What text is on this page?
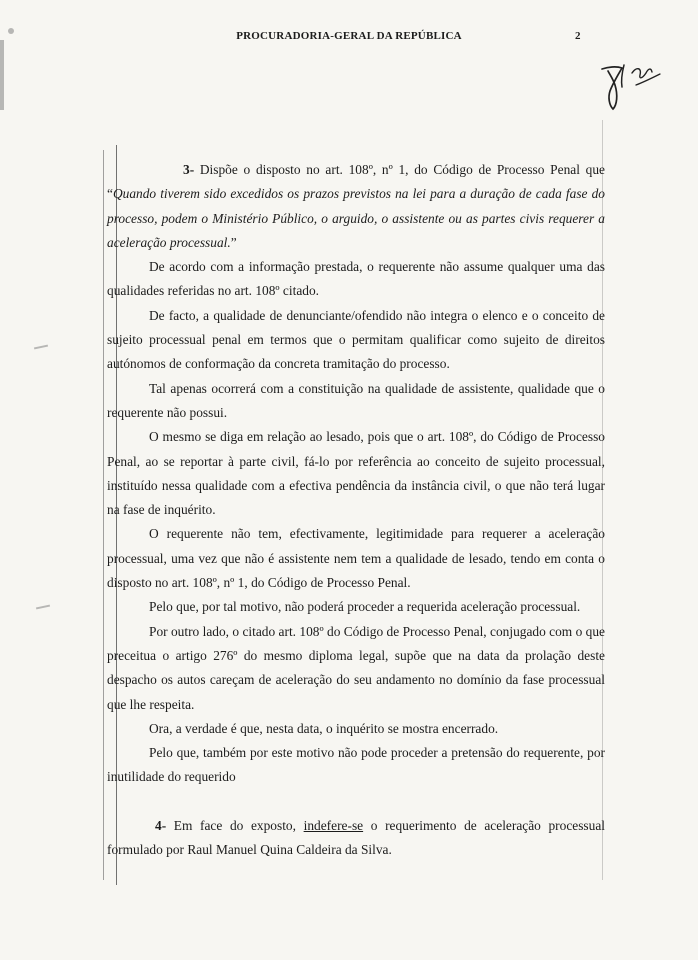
PROCURADORIA-GERAL DA REPÚBLICA	2

3- Dispõe o disposto no art. 108º, nº 1, do Código de Processo Penal que “Quando tiverem sido excedidos os prazos previstos na lei para a duração de cada fase do processo, podem o Ministério Público, o arguido, o assistente ou as partes civis requerer a aceleração processual.”

De acordo com a informação prestada, o requerente não assume qualquer uma das qualidades referidas no art. 108º citado.

De facto, a qualidade de denunciante/ofendido não integra o elenco e o conceito de sujeito processual penal em termos que o permitam qualificar como sujeito de direitos autónomos de conformação da concreta tramitação do processo.

Tal apenas ocorrerá com a constituição na qualidade de assistente, qualidade que o requerente não possui.

O mesmo se diga em relação ao lesado, pois que o art. 108º, do Código de Processo Penal, ao se reportar à parte civil, fá-lo por referência ao conceito de sujeito processual, instituído nessa qualidade com a efectiva pendência da instância civil, o que não terá lugar na fase de inquérito.

O requerente não tem, efectivamente, legitimidade para requerer a aceleração processual, uma vez que não é assistente nem tem a qualidade de lesado, tendo em conta o disposto no art. 108º, nº 1, do Código de Processo Penal.

Pelo que, por tal motivo, não poderá proceder a requerida aceleração processual.

Por outro lado, o citado art. 108º do Código de Processo Penal, conjugado com o que preceitua o artigo 276º do mesmo diploma legal, supõe que na data da prolação deste despacho os autos careçam de aceleração do seu andamento no domínio da fase processual que lhe respeita.

Ora, a verdade é que, nesta data, o inquérito se mostra encerrado.

Pelo que, também por este motivo não pode proceder a pretensão do requerente, por inutilidade do requerido

4- Em face do exposto, indefere-se o requerimento de aceleração processual formulado por Raul Manuel Quina Caldeira da Silva.
